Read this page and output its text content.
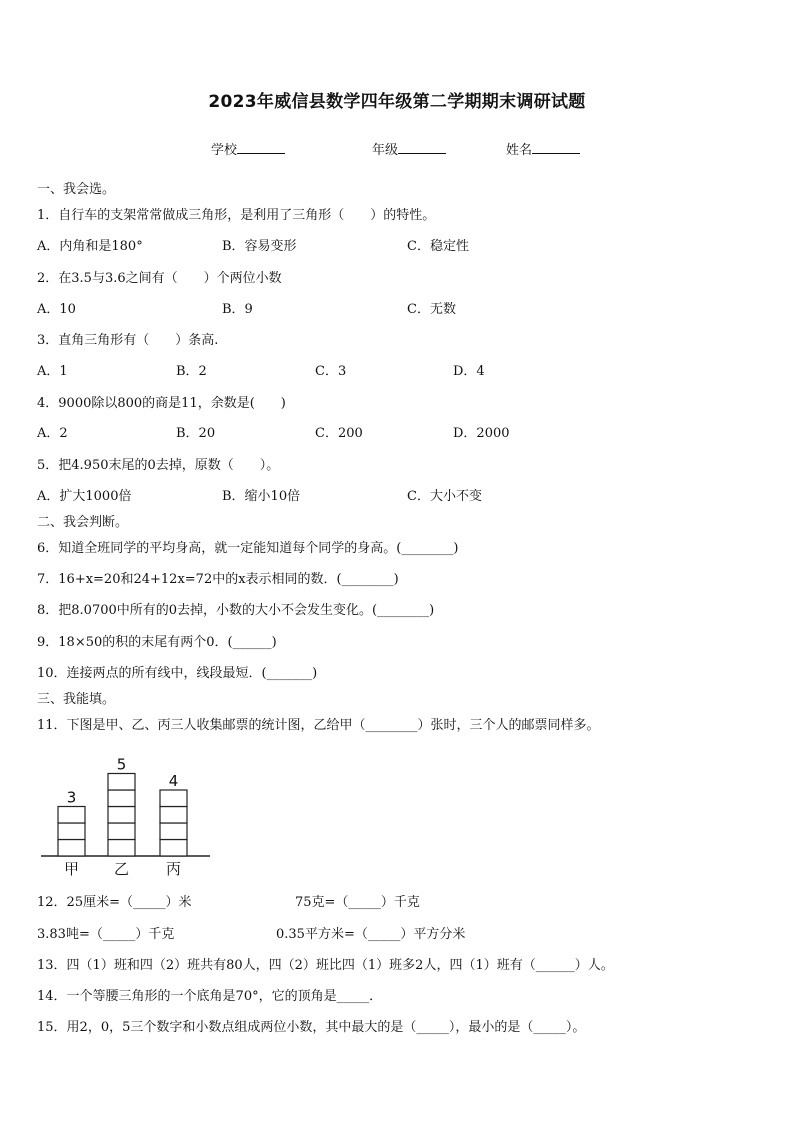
2023年威信县数学四年级第二学期期末调研试题
学校	年级	姓名
一、我会选。
1．自行车的支架常常做成三角形，是利用了三角形（　　）的特性。
A．内角和是180°	B．容易变形	C．稳定性
2．在3.5与3.6之间有（　　）个两位小数
A．10	B．9	C．无数
3．直角三角形有（　　）条高.
A．1	B．2	C．3	D．4
4．9000除以800的商是11，余数是(　　)
A．2	B．20	C．200	D．2000
5．把4.950末尾的0去掉，原数（　　）。
A．扩大1000倍	B．缩小10倍	C．大小不变
二、我会判断。
6．知道全班同学的平均身高，就一定能知道每个同学的身高。(________)
7．16+x=20和24+12x=72中的x表示相同的数．(________)
8．把8.0700中所有的0去掉，小数的大小不会发生变化。(________)
9．18×50的积的末尾有两个0．(______)
10．连接两点的所有线中，线段最短．(_______)
三、我能填。
11．下图是甲、乙、丙三人收集邮票的统计图，乙给甲（________）张时，三个人的邮票同样多。
3
甲
5
乙
4
丙
12．25厘米=（_____）米	75克=（_____）千克
3.83吨=（_____）千克	0.35平方米=（_____）平方分米
13．四（1）班和四（2）班共有80人，四（2）班比四（1）班多2人，四（1）班有（______）人。
14．一个等腰三角形的一个底角是70°，它的顶角是_____．
15．用2，0，5三个数字和小数点组成两位小数，其中最大的是（_____），最小的是（_____）。
